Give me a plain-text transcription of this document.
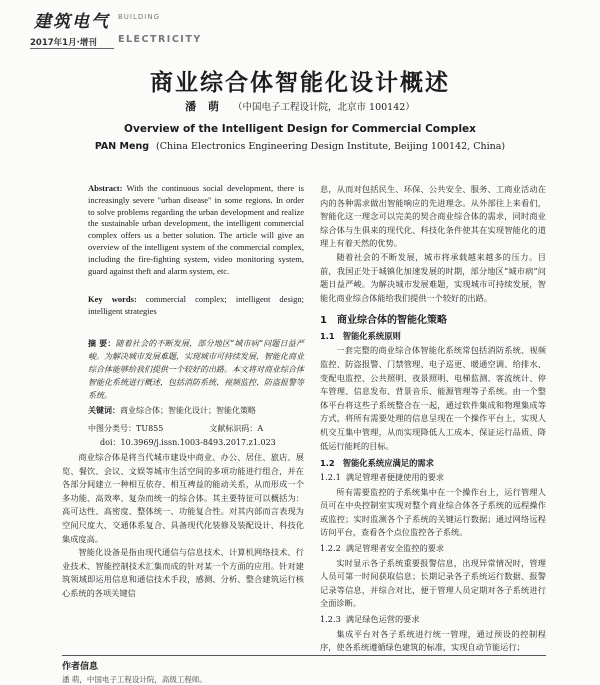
建筑电气 BUILDING
2017年1月·增刊 ELECTRICITY
商业综合体智能化设计概述
潘 萌 （中国电子工程设计院，北京市 100142）
Overview of the Intelligent Design for Commercial Complex
PAN Meng (China Electronics Engineering Design Institute, Beijing 100142, China)
Abstract: With the continuous social development, there is increasingly severe "urban disease" in some regions. In order to solve problems regarding the urban development and realize the sustainable urban development, the intelligent commercial complex offers us a better solution. The article will give an overview of the intelligent system of the commercial complex, including the fire-fighting system, video monitoring system, guard against theft and alarm system, etc.
Key words: commercial complex; intelligent design; intelligent strategies
摘 要：随着社会的不断发展，部分地区“城市病”问题日益严峻。为解决城市发展难题，实现城市可持续发展，智能化商业综合体能够给我们提供一个较好的出路。本文将对商业综合体智能化系统进行概述，包括消防系统、视频监控、防盗报警等系统。
关键词：商业综合体；智能化设计；智能化策略
中图分类号：TU855	文献标识码：A
doi：10.3969/j.issn.1003-8493.2017.z1.023

商业综合体是将当代城市建设中商业、办公、居住、旅店、展览、餐饮、会议、文娱等城市生活空间的多项功能进行组合，并在各部分间建立一种相互依存、相互裨益的能动关系，从而形成一个多功能、高效率、复杂而统一的综合体。其主要特征可以概括为：高可达性、高密度、整体统一、功能复合性。对其内部而言表现为空间尺度大、交通体系复合、具备现代化装修及装配设计、科技化集成度高。

智能化设备是指由现代通信与信息技术、计算机网络技术、行业技术、智能控制技术汇集而成的针对某一个方面的应用。针对建筑领域即运用信息和通信技术手段，感测、分析、整合建筑运行核心系统的各项关键信

息，从而对包括民生、环保、公共安全、服务、工商业活动在内的各种需求做出智能响应的先进理念。从外部往上来看们，智能化这一理念可以完美的契合商业综合体的需求，同时商业综合体与生俱来的现代化、科技化条件使其在实现智能化的道理上有着天然的优势。

随着社会的不断发展，城市将承载越来越多的压力。目前，我国正处于城镇化加速发展的时期，部分地区“城市病”问题日益严峻。为解决城市发展难题，实现城市可持续发展，智能化商业综合体能给我们提供一个较好的出路。

1 商业综合体的智能化策略
1.1 智能化系统原则

一套完整的商业综合体智能化系统常包括消防系统、视频监控、防盗报警、门禁管理、电子巡更、暖通空调、给排水、变配电监控、公共照明、夜景照明、电梯监测、客流统计、停车管理、信息发布、背景音乐、能源管理等子系统。由一个整体平台将这些子系统整合在一起，通过软件集成和物理集成等方式，将所有需要处理的信息呈现在一个操作平台上，实现人机交互集中管理，从而实现降低人工成本、保证运行品质、降低运行能耗的目标。

1.2 智能化系统应满足的需求
1.2.1 满足管理者便捷使用的要求

所有需要监控的子系统集中在一个操作台上，运行管理人员可在中央控制室实现对整个商业综合体各子系统的远程操作或监控；实时监测各个子系统的关键运行数据；通过网络远程访问平台，查看各个点位监控各子系统。

1.2.2 满足管理者安全监控的要求

实时显示各子系统重要报警信息，出现异常情况时，管理人员可第一时间获取信息；长期记录各子系统运行数据、报警记录等信息，并综合对比，便于管理人员定期对各子系统进行全面诊断。

1.2.3 满足绿色运营的要求

集成平台对各子系统进行统一管理，通过预设的控制程序，使各系统遵循绿色建筑的标准，实现自动节能运行；

作者信息
潘 萌，中国电子工程设计院，高级工程师。
